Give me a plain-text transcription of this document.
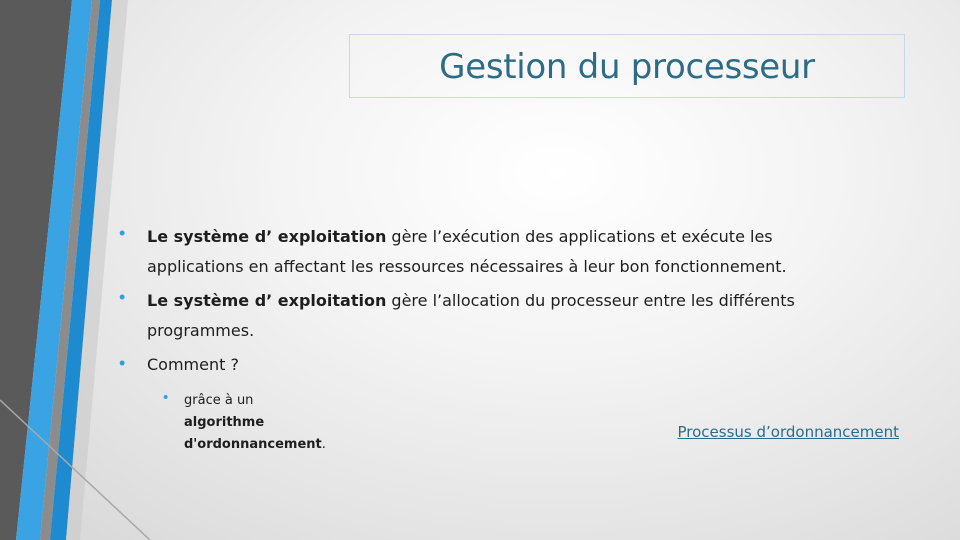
Gestion du processeur
• Le système d’ exploitation gère l’exécution des applications et exécute les
applications en affectant les ressources nécessaires à leur bon fonctionnement.
• Le système d’ exploitation gère l’allocation du processeur entre les différents
programmes.
• Comment ?
• grâce à un algorithme d'ordonnancement.
Processus d’ordonnancement
